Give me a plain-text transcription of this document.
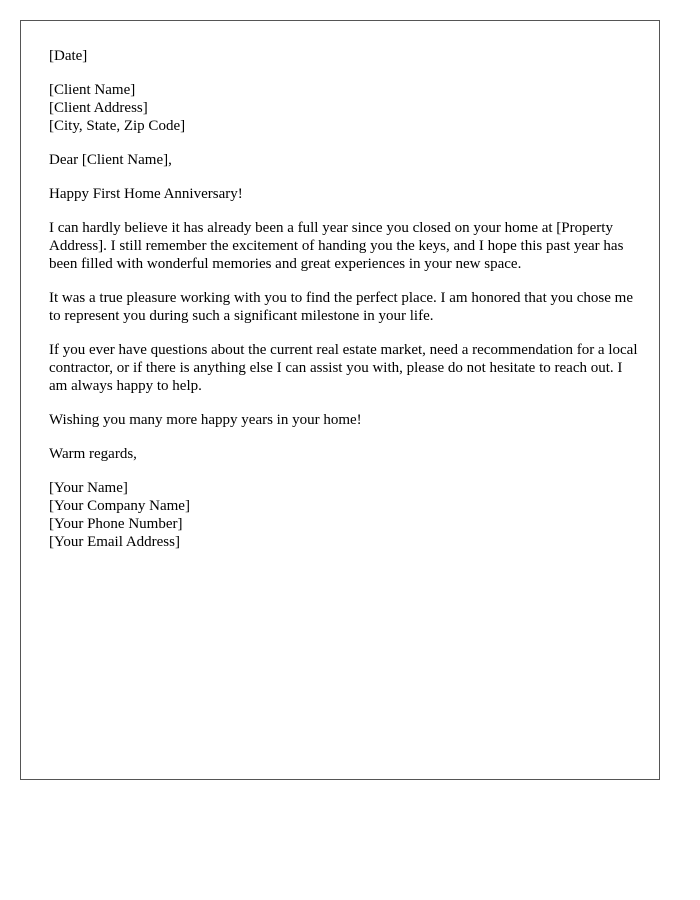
[Date]
[Client Name]
[Client Address]
[City, State, Zip Code]

Dear [Client Name],

Happy First Home Anniversary!

I can hardly believe it has already been a full year since you closed on your home at [Property Address]. I still remember the excitement of handing you the keys, and I hope this past year has been filled with wonderful memories and great experiences in your new space.

It was a true pleasure working with you to find the perfect place. I am honored that you chose me to represent you during such a significant milestone in your life.

If you ever have questions about the current real estate market, need a recommendation for a local contractor, or if there is anything else I can assist you with, please do not hesitate to reach out. I am always happy to help.

Wishing you many more happy years in your home!

Warm regards,

[Your Name]
[Your Company Name]
[Your Phone Number]
[Your Email Address]
